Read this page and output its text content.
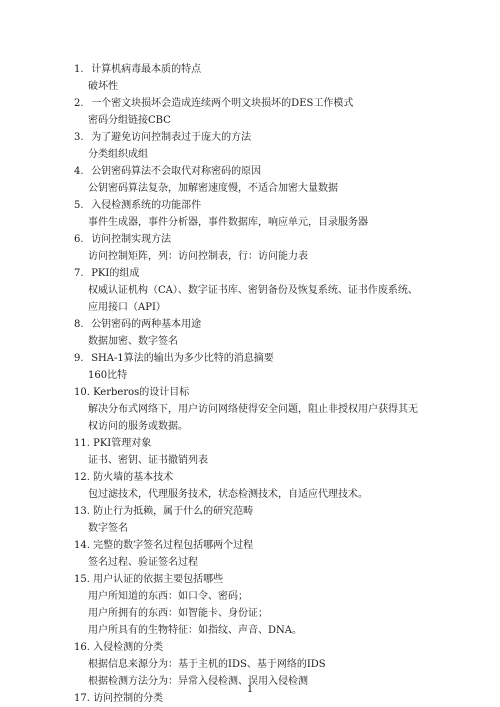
1. 计算机病毒最本质的特点
破坏性
2. 一个密文块损坏会造成连续两个明文块损坏的DES工作模式
密码分组链接CBC
3. 为了避免访问控制表过于庞大的方法
分类组织成组
4. 公钥密码算法不会取代对称密码的原因
公钥密码算法复杂，加解密速度慢，不适合加密大量数据
5. 入侵检测系统的功能部件
事件生成器，事件分析器，事件数据库，响应单元，目录服务器
6. 访问控制实现方法
访问控制矩阵，列：访问控制表，行：访问能力表
7. PKI的组成
权威认证机构（CA）、数字证书库、密钥备份及恢复系统、证书作废系统、
应用接口（API）
8. 公钥密码的两种基本用途
数据加密、数字签名
9. SHA-1算法的输出为多少比特的消息摘要
160比特
10. Kerberos的设计目标
解决分布式网络下，用户访问网络使得安全问题，阻止非授权用户获得其无
权访问的服务或数据。
11. PKI管理对象
证书、密钥、证书撤销列表
12. 防火墙的基本技术
包过滤技术，代理服务技术，状态检测技术，自适应代理技术。
13. 防止行为抵赖，属于什么的研究范畴
数字签名
14. 完整的数字签名过程包括哪两个过程
签名过程、验证签名过程
15. 用户认证的依据主要包括哪些
用户所知道的东西：如口令、密码；
用户所拥有的东西：如智能卡、身份证；
用户所具有的生物特征：如指纹、声音、DNA。
16. 入侵检测的分类
根据信息来源分为：基于主机的IDS、基于网络的IDS
根据检测方法分为：异常入侵检测、误用入侵检测
17. 访问控制的分类
1
